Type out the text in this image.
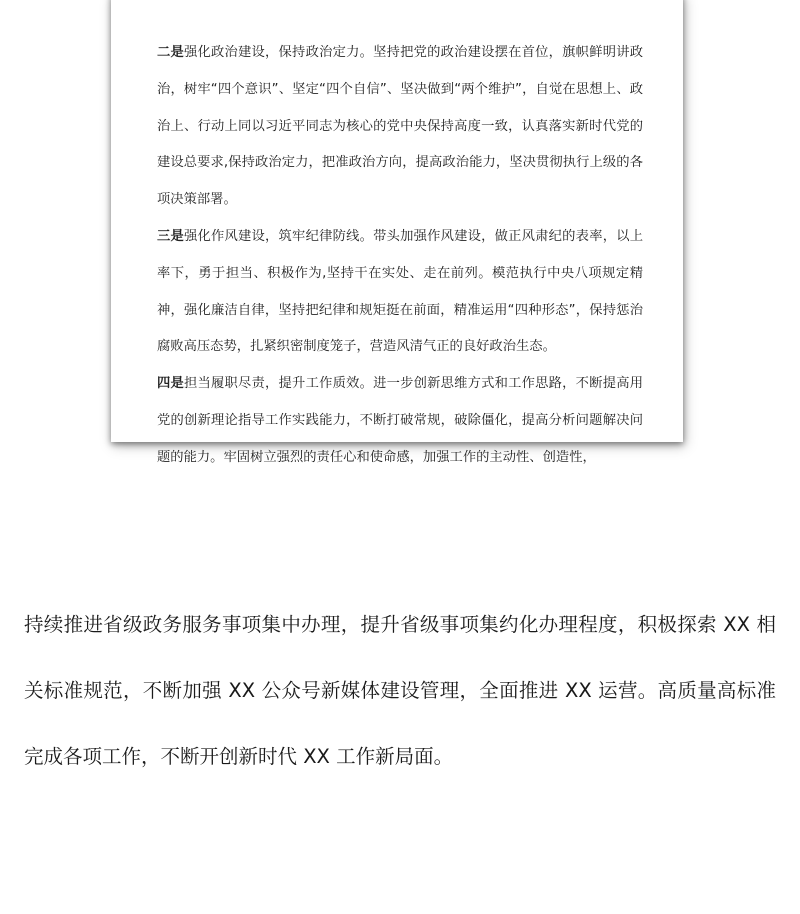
二是强化政治建设，保持政治定力。坚持把党的政治建设摆在首位，旗帜鲜明讲政治，树牢“四个意识”、坚定“四个自信”、坚决做到“两个维护”，自觉在思想上、政治上、行动上同以习近平同志为核心的党中央保持高度一致，认真落实新时代党的建设总要求,保持政治定力，把准政治方向，提高政治能力，坚决贯彻执行上级的各项决策部署。

三是强化作风建设，筑牢纪律防线。带头加强作风建设，做正风肃纪的表率，以上率下，勇于担当、积极作为,坚持干在实处、走在前列。模范执行中央八项规定精神，强化廉洁自律，坚持把纪律和规矩挺在前面，精准运用“四种形态”，保持惩治腐败高压态势，扎紧织密制度笼子，营造风清气正的良好政治生态。

四是担当履职尽责，提升工作质效。进一步创新思维方式和工作思路，不断提高用党的创新理论指导工作实践能力，不断打破常规，破除僵化，提高分析问题解决问题的能力。牢固树立强烈的责任心和使命感，加强工作的主动性、创造性，

持续推进省级政务服务事项集中办理，提升省级事项集约化办理程度，积极探索 XX 相关标准规范，不断加强 XX 公众号新媒体建设管理，全面推进 XX 运营。高质量高标准完成各项工作，不断开创新时代 XX 工作新局面。
